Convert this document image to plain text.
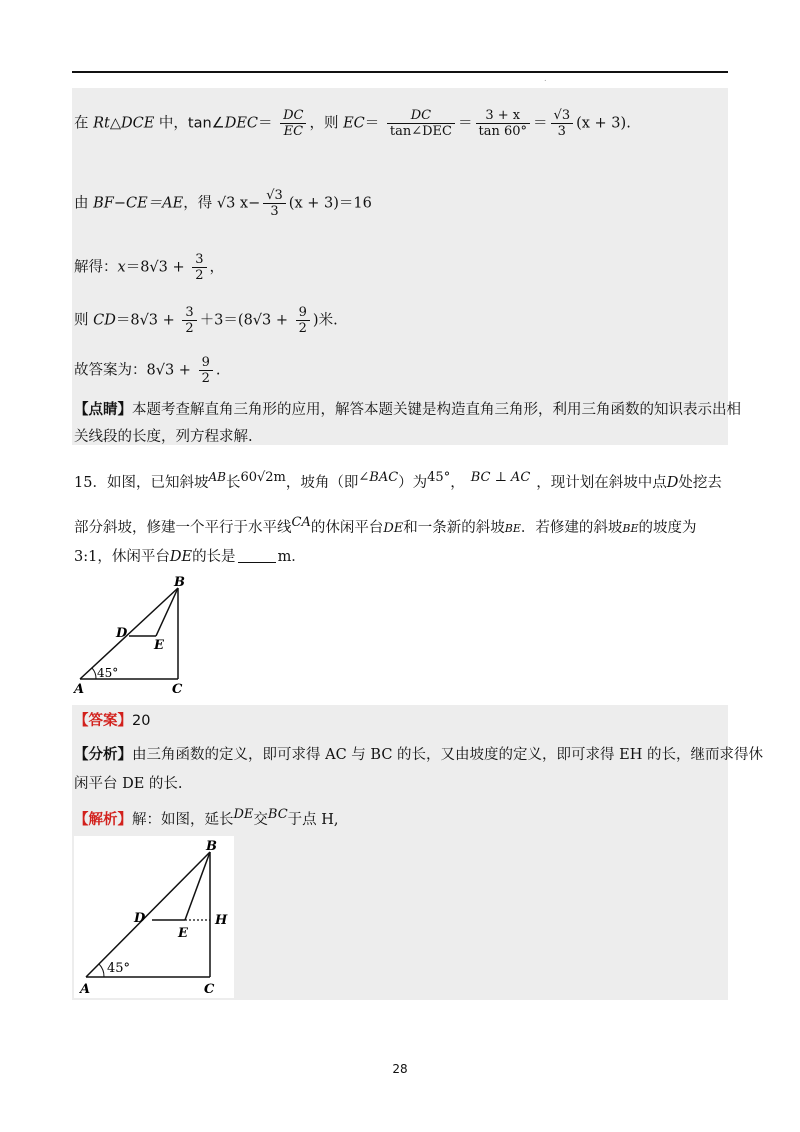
.
在 Rt△DCE 中，tan∠DEC＝ $\frac{DC}{EC}$ ，则 $EC= \frac{DC}{\text{tan∠DEC}} = \frac{3 + x}{\tan 60^\circ} = \frac{√3}{3} (x + 3)$.
由 BF−CE＝AE，得 √3 $x- \frac{√3}{3} (x + 3)=16$
解得：$x=8√3 + \frac{3}{2}$ ，
则 $CD=8√3 + \frac{3}{2} +3=(8√3 + \frac{9}{2}$ )米.
故答案为：$8√3 + \frac{9}{2}$ .
【点睛】本题考查解直角三角形的应用，解答本题关键是构造直角三角形，利用三角函数的知识表示出相
关线段的长度，列方程求解.
15．如图，已知斜坡$^{AB}$长$^{60√2m}$，坡角（即$^{\angle BAC}$）为$^{45^\circ}$， $^{BC \perp AC}$ ，现计划在斜坡中点D处挖去
部分斜坡，修建一个平行于水平线$^{CA}$的休闲平台DE和一条新的斜坡BE．若修建的斜坡BE的坡度为
3:1，休闲平台DE的长是	m．
B
D
E
45°
A	C
【答案】20
【分析】由三角函数的定义，即可求得 AC 与 BC 的长，又由坡度的定义，即可求得 EH 的长，继而求得休
闲平台 DE 的长.
【解析】解：如图，延长$^{DE}$交$^{BC}$于点 H,
B
D
E
H
45°
A	C
28
